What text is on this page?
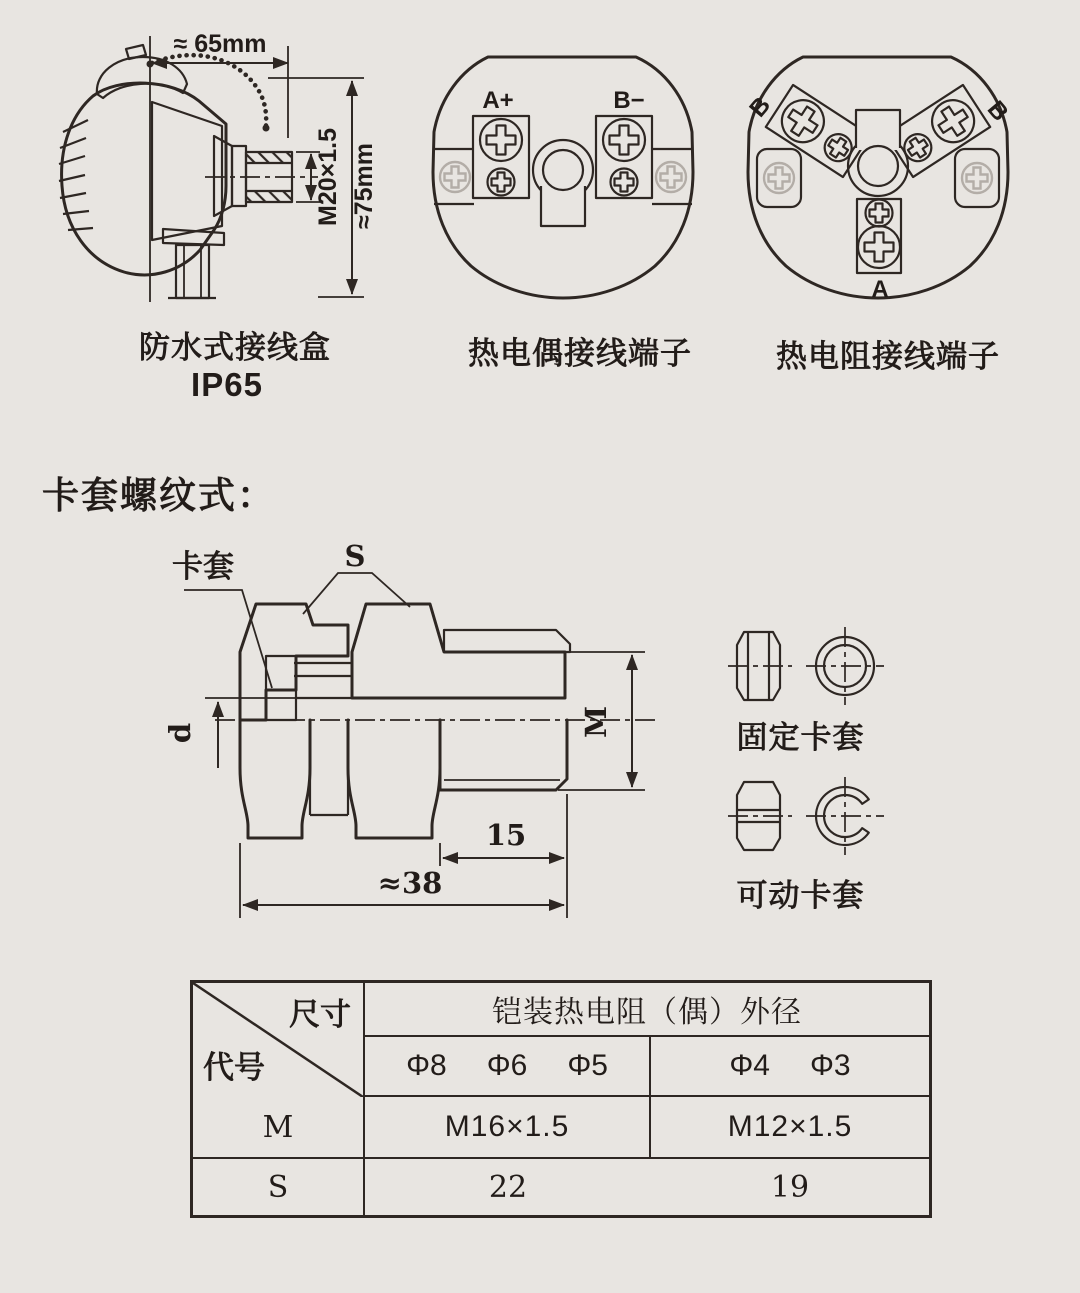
≈ 65mm
M20×1.5 ≈75mm
A+	B−	B	B
A
卡套	S
d	M
15
≈38
防水式接线盒
IP65
热电偶接线端子	热电阻接线端子
卡套螺纹式：
固定卡套
可动卡套
尺寸
代号
铠装热电阻（偶）外径
Φ8 Φ6 Φ5	Φ4 Φ3
M	M16×1.5	M12×1.5
S	22	19
